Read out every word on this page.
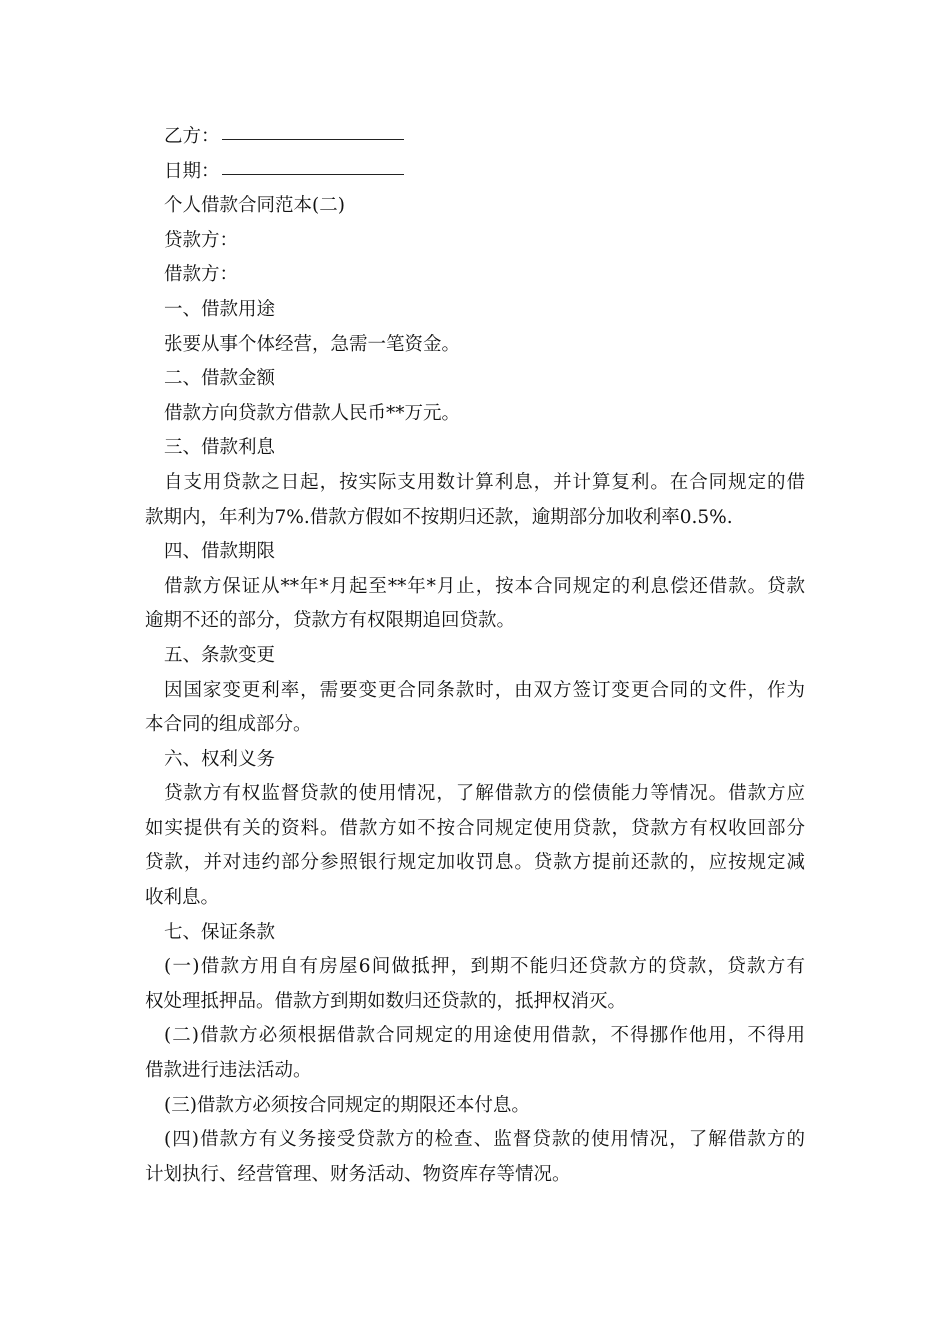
乙方：
日期：
个人借款合同范本(二)
贷款方：
借款方：
一、借款用途
张要从事个体经营，急需一笔资金。
二、借款金额
借款方向贷款方借款人民币**万元。
三、借款利息
自支用贷款之日起，按实际支用数计算利息，并计算复利。在合同规定的借
款期内，年利为7%.借款方假如不按期归还款，逾期部分加收利率0.5%.
四、借款期限
借款方保证从**年*月起至**年*月止，按本合同规定的利息偿还借款。贷款
逾期不还的部分，贷款方有权限期追回贷款。
五、条款变更
因国家变更利率，需要变更合同条款时，由双方签订变更合同的文件，作为
本合同的组成部分。
六、权利义务
贷款方有权监督贷款的使用情况，了解借款方的偿债能力等情况。借款方应
如实提供有关的资料。借款方如不按合同规定使用贷款，贷款方有权收回部分
贷款，并对违约部分参照银行规定加收罚息。贷款方提前还款的，应按规定减
收利息。
七、保证条款
(一)借款方用自有房屋6间做抵押，到期不能归还贷款方的贷款，贷款方有
权处理抵押品。借款方到期如数归还贷款的，抵押权消灭。
(二)借款方必须根据借款合同规定的用途使用借款，不得挪作他用，不得用
借款进行违法活动。
(三)借款方必须按合同规定的期限还本付息。
(四)借款方有义务接受贷款方的检查、监督贷款的使用情况，了解借款方的
计划执行、经营管理、财务活动、物资库存等情况。
